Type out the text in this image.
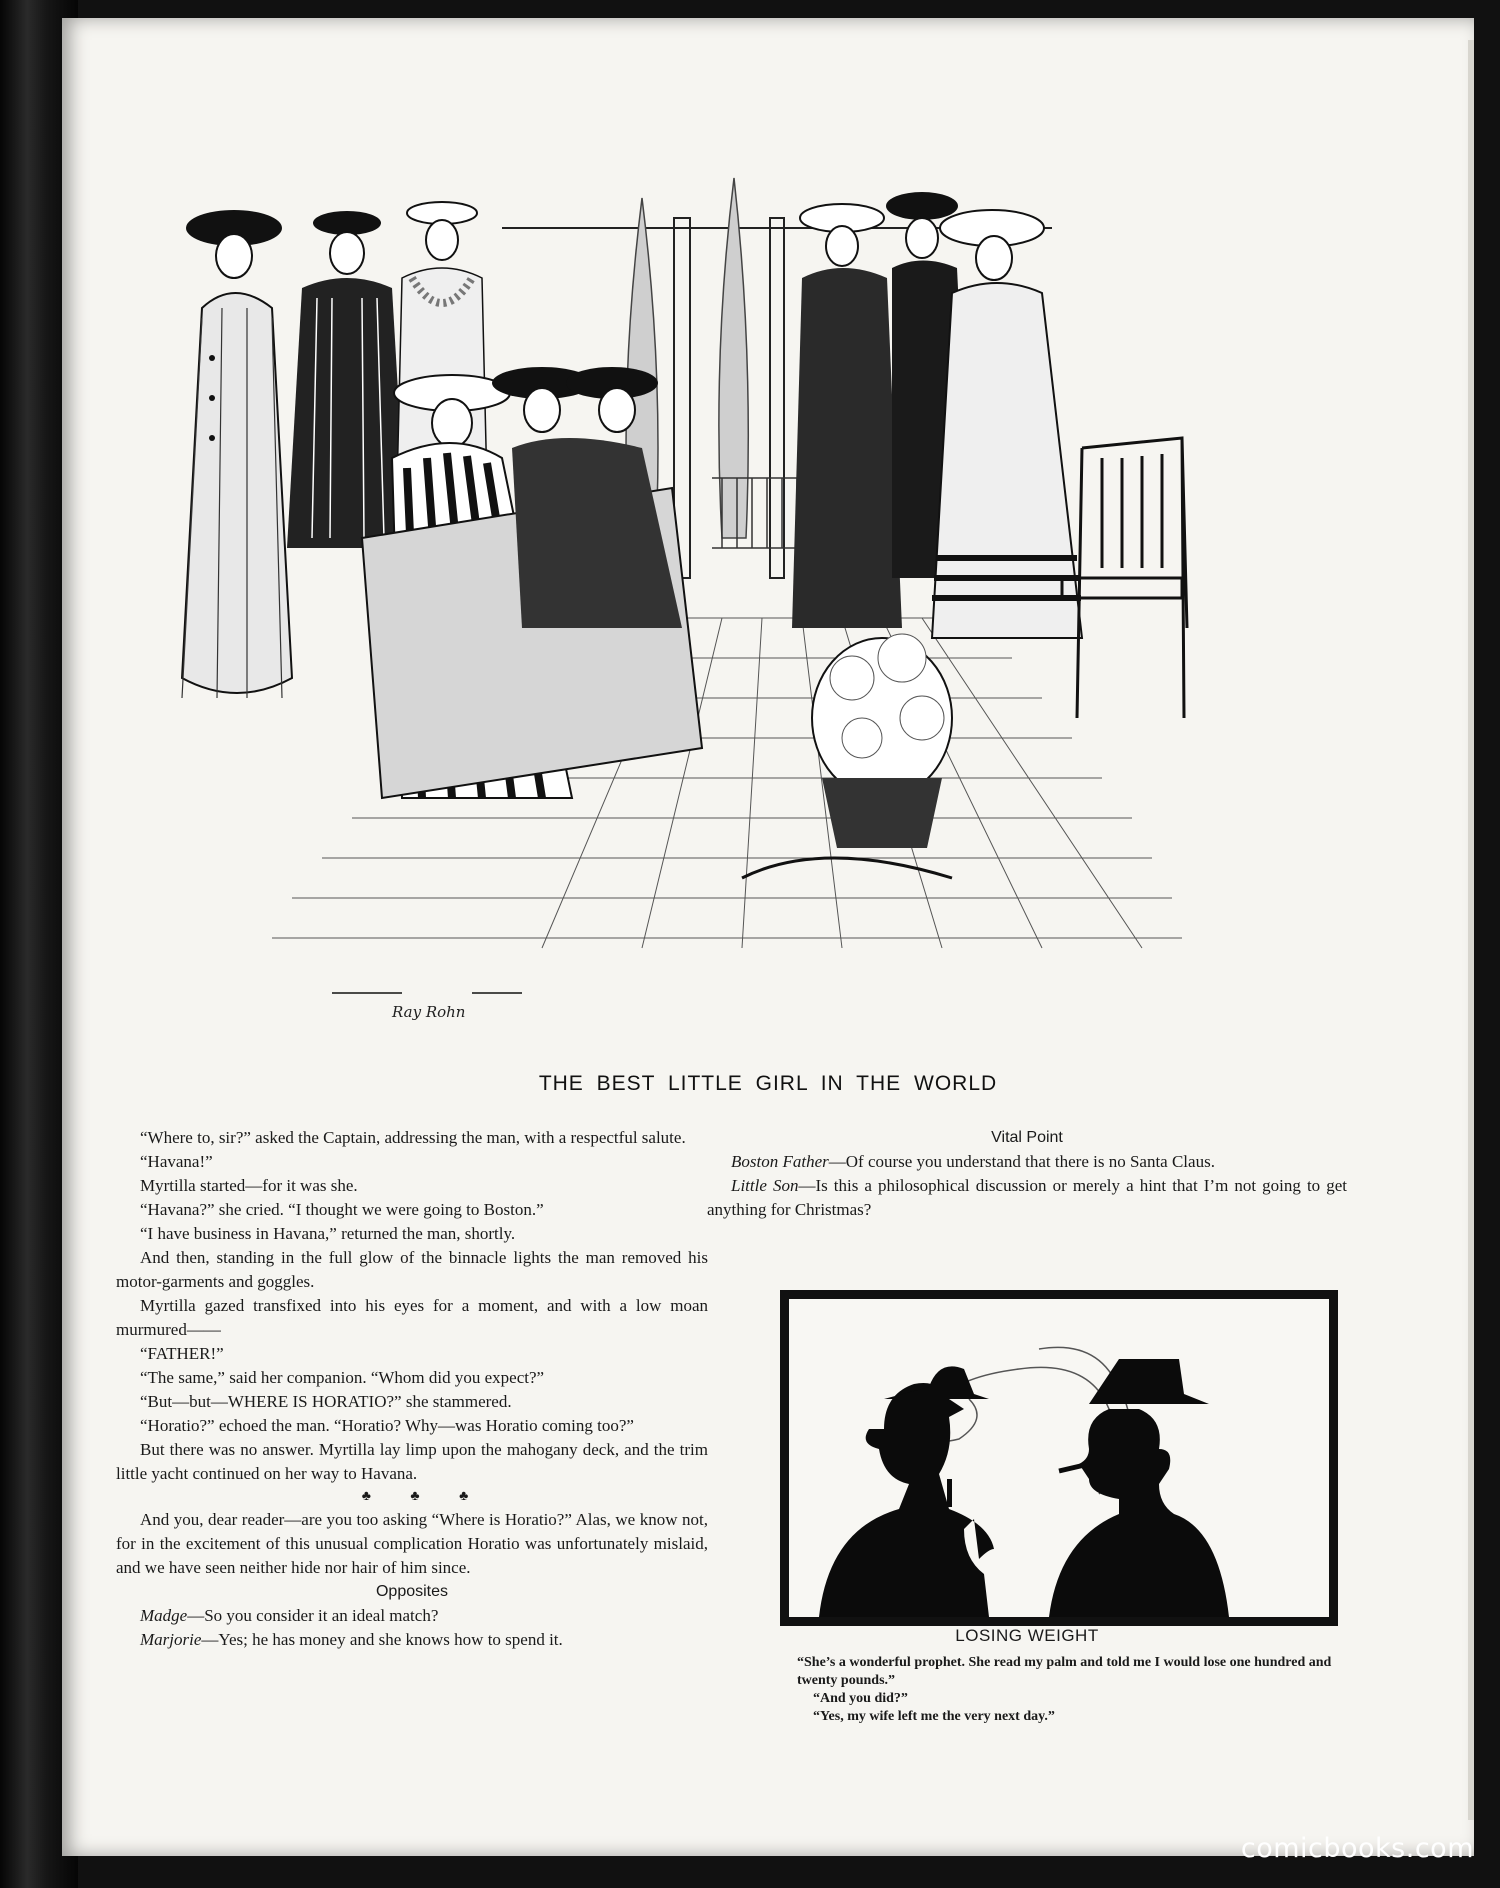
Ray Rohn
THE BEST LITTLE GIRL IN THE WORLD

“Where to, sir?” asked the Captain, addressing the man, with a respectful salute.

“Havana!”

Myrtilla started—for it was she.

“Havana?” she cried. “I thought we were going to Boston.”

“I have business in Havana,” returned the man, shortly.

And then, standing in the full glow of the binnacle lights the man removed his motor-garments and goggles.

Myrtilla gazed transfixed into his eyes for a moment, and with a low moan murmured——

“FATHER!”

“The same,” said her companion. “Whom did you expect?”

“But—but—WHERE IS HORATIO?” she stammered.

“Horatio?” echoed the man. “Horatio? Why—was Horatio coming too?”

But there was no answer. Myrtilla lay limp upon the mahogany deck, and the trim little yacht continued on her way to Havana.

♣ ♣ ♣

And you, dear reader—are you too asking “Where is Horatio?” Alas, we know not, for in the excitement of this unusual complication Horatio was unfortunately mislaid, and we have seen neither hide nor hair of him since.

Opposites

Madge—So you consider it an ideal match?

Marjorie—Yes; he has money and she knows how to spend it.

Vital Point

Boston Father—Of course you understand that there is no Santa Claus.

Little Son—Is this a philosophical discussion or merely a hint that I’m not going to get anything for Christmas?

LOSING WEIGHT

“She’s a wonderful prophet. She read my palm and told me I would lose one hundred and twenty pounds.”

“And you did?”

“Yes, my wife left me the very next day.”

comicbooks.com
